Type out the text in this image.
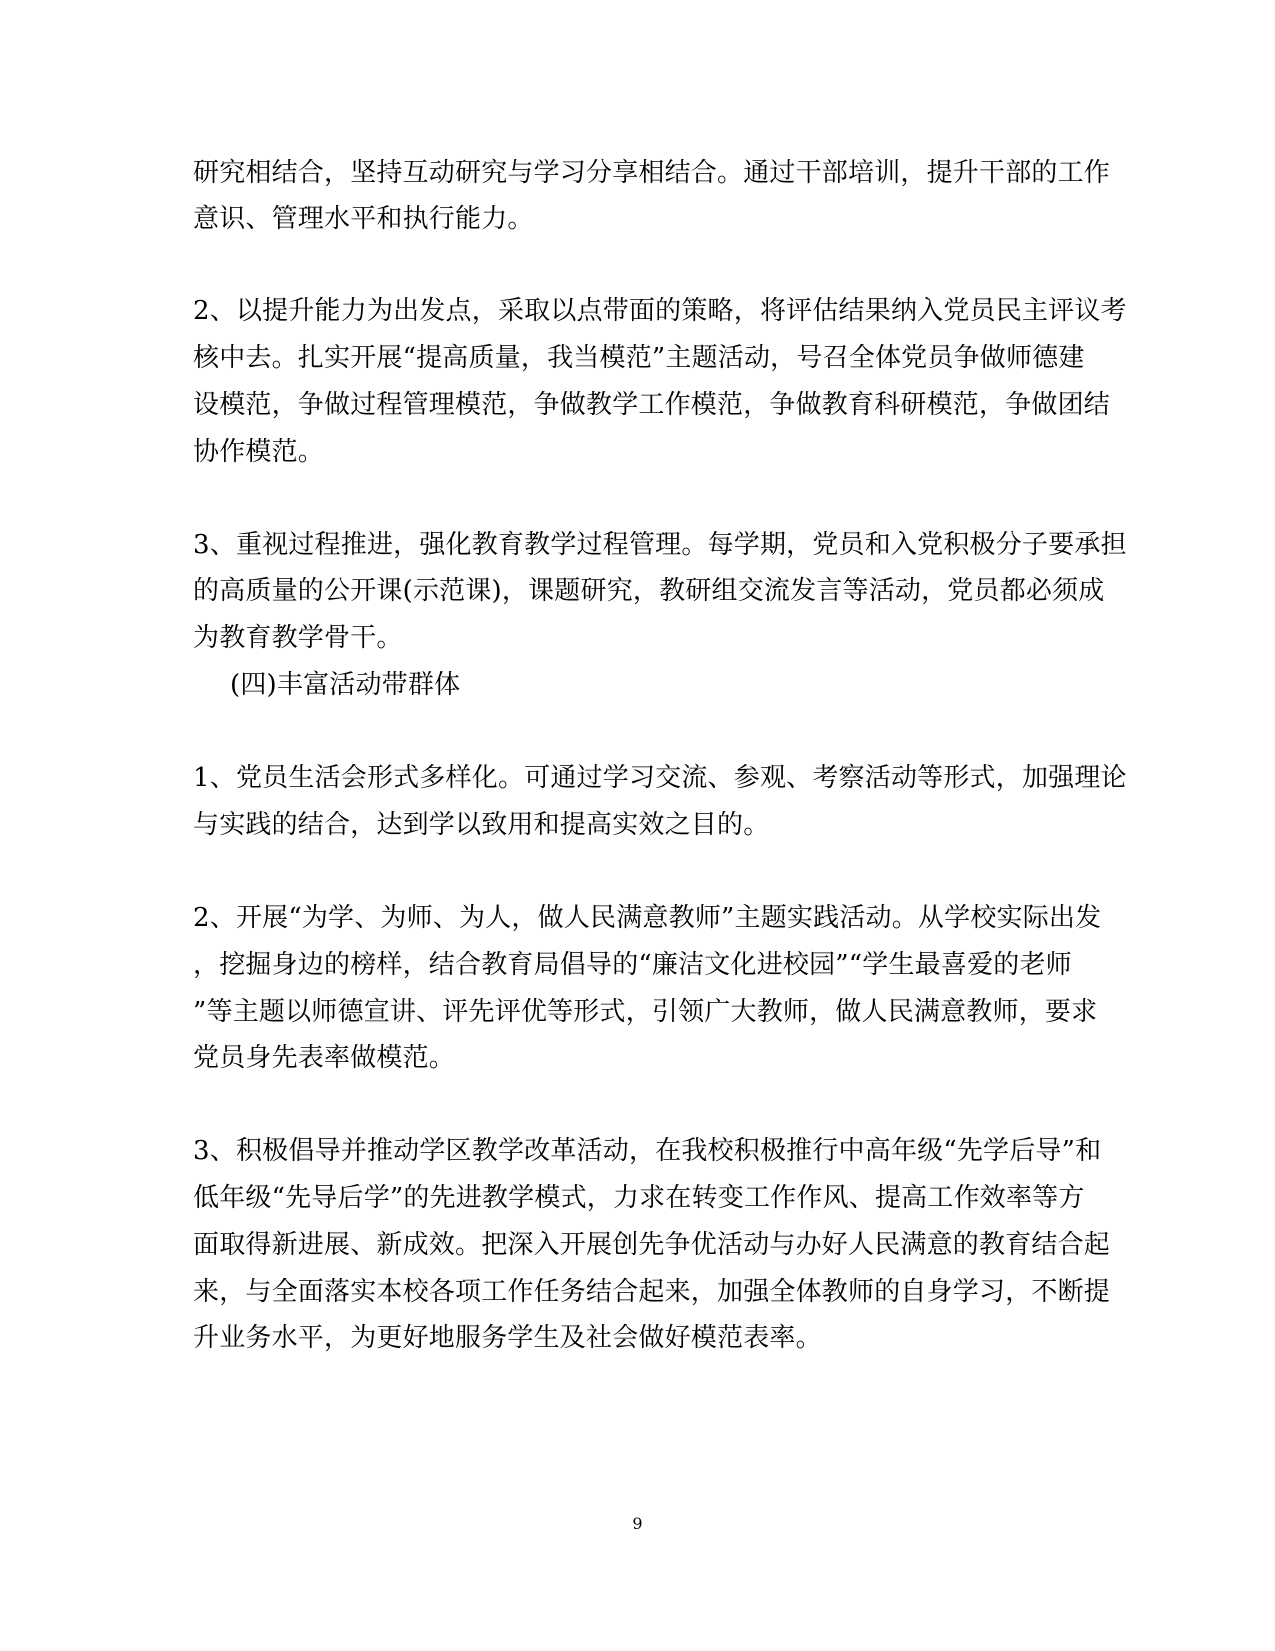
研究相结合，坚持互动研究与学习分享相结合。通过干部培训，提升干部的工作
意识、管理水平和执行能力。
2、以提升能力为出发点，采取以点带面的策略，将评估结果纳入党员民主评议考
核中去。扎实开展“提高质量，我当模范”主题活动，号召全体党员争做师德建
设模范，争做过程管理模范，争做教学工作模范，争做教育科研模范，争做团结
协作模范。
3、重视过程推进，强化教育教学过程管理。每学期，党员和入党积极分子要承担
的高质量的公开课(示范课)，课题研究，教研组交流发言等活动，党员都必须成
为教育教学骨干。
(四)丰富活动带群体
1、党员生活会形式多样化。可通过学习交流、参观、考察活动等形式，加强理论
与实践的结合，达到学以致用和提高实效之目的。
2、开展“为学、为师、为人，做人民满意教师”主题实践活动。从学校实际出发
，挖掘身边的榜样，结合教育局倡导的“廉洁文化进校园”“学生最喜爱的老师
”等主题以师德宣讲、评先评优等形式，引领广大教师，做人民满意教师，要求
党员身先表率做模范。
3、积极倡导并推动学区教学改革活动，在我校积极推行中高年级“先学后导”和
低年级“先导后学”的先进教学模式，力求在转变工作作风、提高工作效率等方
面取得新进展、新成效。把深入开展创先争优活动与办好人民满意的教育结合起
来，与全面落实本校各项工作任务结合起来，加强全体教师的自身学习，不断提
升业务水平，为更好地服务学生及社会做好模范表率。
9
